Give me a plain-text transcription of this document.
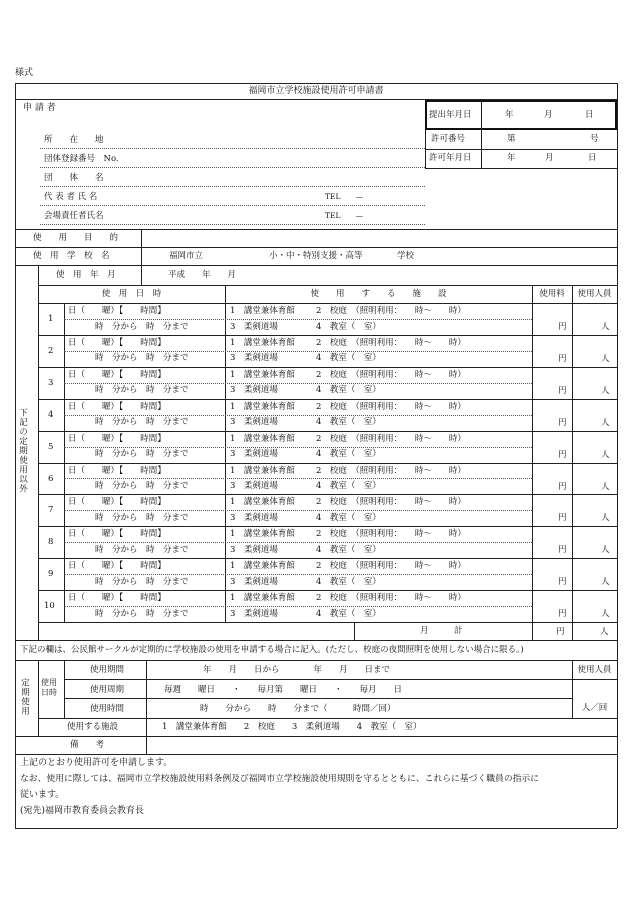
様式
福岡市立学校施設使用許可申請書
申 請 者
所　　在　　地
団体登録番号　No.
団　　体　　名
代 表 者 氏 名	TEL　　—
会場責任者氏名	TEL　　—
提出年月日	年	月	日
許可番号	第	号
許可年月日	年	月	日
使　　用　　目　　的
使　用　学　校　名	福岡市立	小・中・特別支援・高等	学校
下記の定期使用以外
使　用　年　月	平成　　年　　月
使　用　日　時	使　　用　　す　　る　　施　　設	使用料	使用人員
1
日（　　曜）【　　時間】
時　分から　時　分まで
1　講堂兼体育館 2　校庭　（照明利用：　　時～　　時）
3　柔剣道場	4　教室（　室）	円	人
2
日（　　曜）【　　時間】
時　分から　時　分まで
1　講堂兼体育館 2　校庭　（照明利用：　　時～　　時）
3　柔剣道場	4　教室（　室）	円	人
3
日（　　曜）【　　時間】
時　分から　時　分まで
1　講堂兼体育館 2　校庭　（照明利用：　　時～　　時）
3　柔剣道場	4　教室（　室）	円	人
4
日（　　曜）【　　時間】
時　分から　時　分まで
1　講堂兼体育館 2　校庭　（照明利用：　　時～　　時）
3　柔剣道場	4　教室（　室）	円	人
5
日（　　曜）【　　時間】
時　分から　時　分まで
1　講堂兼体育館 2　校庭　（照明利用：　　時～　　時）
3　柔剣道場	4　教室（　室）	円	人
6
日（　　曜）【　　時間】
時　分から　時　分まで
1　講堂兼体育館 2　校庭　（照明利用：　　時～　　時）
3　柔剣道場	4　教室（　室）	円	人
7
日（　　曜）【　　時間】
時　分から　時　分まで
1　講堂兼体育館 2　校庭　（照明利用：　　時～　　時）
3　柔剣道場	4　教室（　室）	円	人
8
日（　　曜）【　　時間】
時　分から　時　分まで
1　講堂兼体育館 2　校庭　（照明利用：　　時～　　時）
3　柔剣道場	4　教室（　室）	円	人
9
日（　　曜）【　　時間】
時　分から　時　分まで
1　講堂兼体育館 2　校庭　（照明利用：　　時～　　時）
3　柔剣道場	4　教室（　室）	円	人
10
日（　　曜）【　　時間】
時　分から　時　分まで
1　講堂兼体育館 2　校庭　（照明利用：　　時～　　時）
3　柔剣道場	4　教室（　室）	円	人
月　　　計	円	人
下記の欄は、公民館サークルが定期的に学校施設の使用を申請する場合に記入。(ただし、校庭の夜間照明を使用しない場合に限る。)
定期使用 使用日時
使用期間	年　　月　　日から　　　　年　　月　　日まで	使用人員
使用周期	毎週　　曜日　　・　　毎月第　　曜日　　・　　毎月　　日
人／回
使用時間	時　　分から　　時　　分まで（　　　時間／回）
使用する施設	1　講堂兼体育館　　2　校庭　　3　柔剣道場　　4　教室（　室）
備　　考
上記のとおり使用許可を申請します。
なお、使用に際しては、福岡市立学校施設使用料条例及び福岡市立学校施設使用規則を守るとともに、これらに基づく職員の指示に
従います。
(宛先)福岡市教育委員会教育長
